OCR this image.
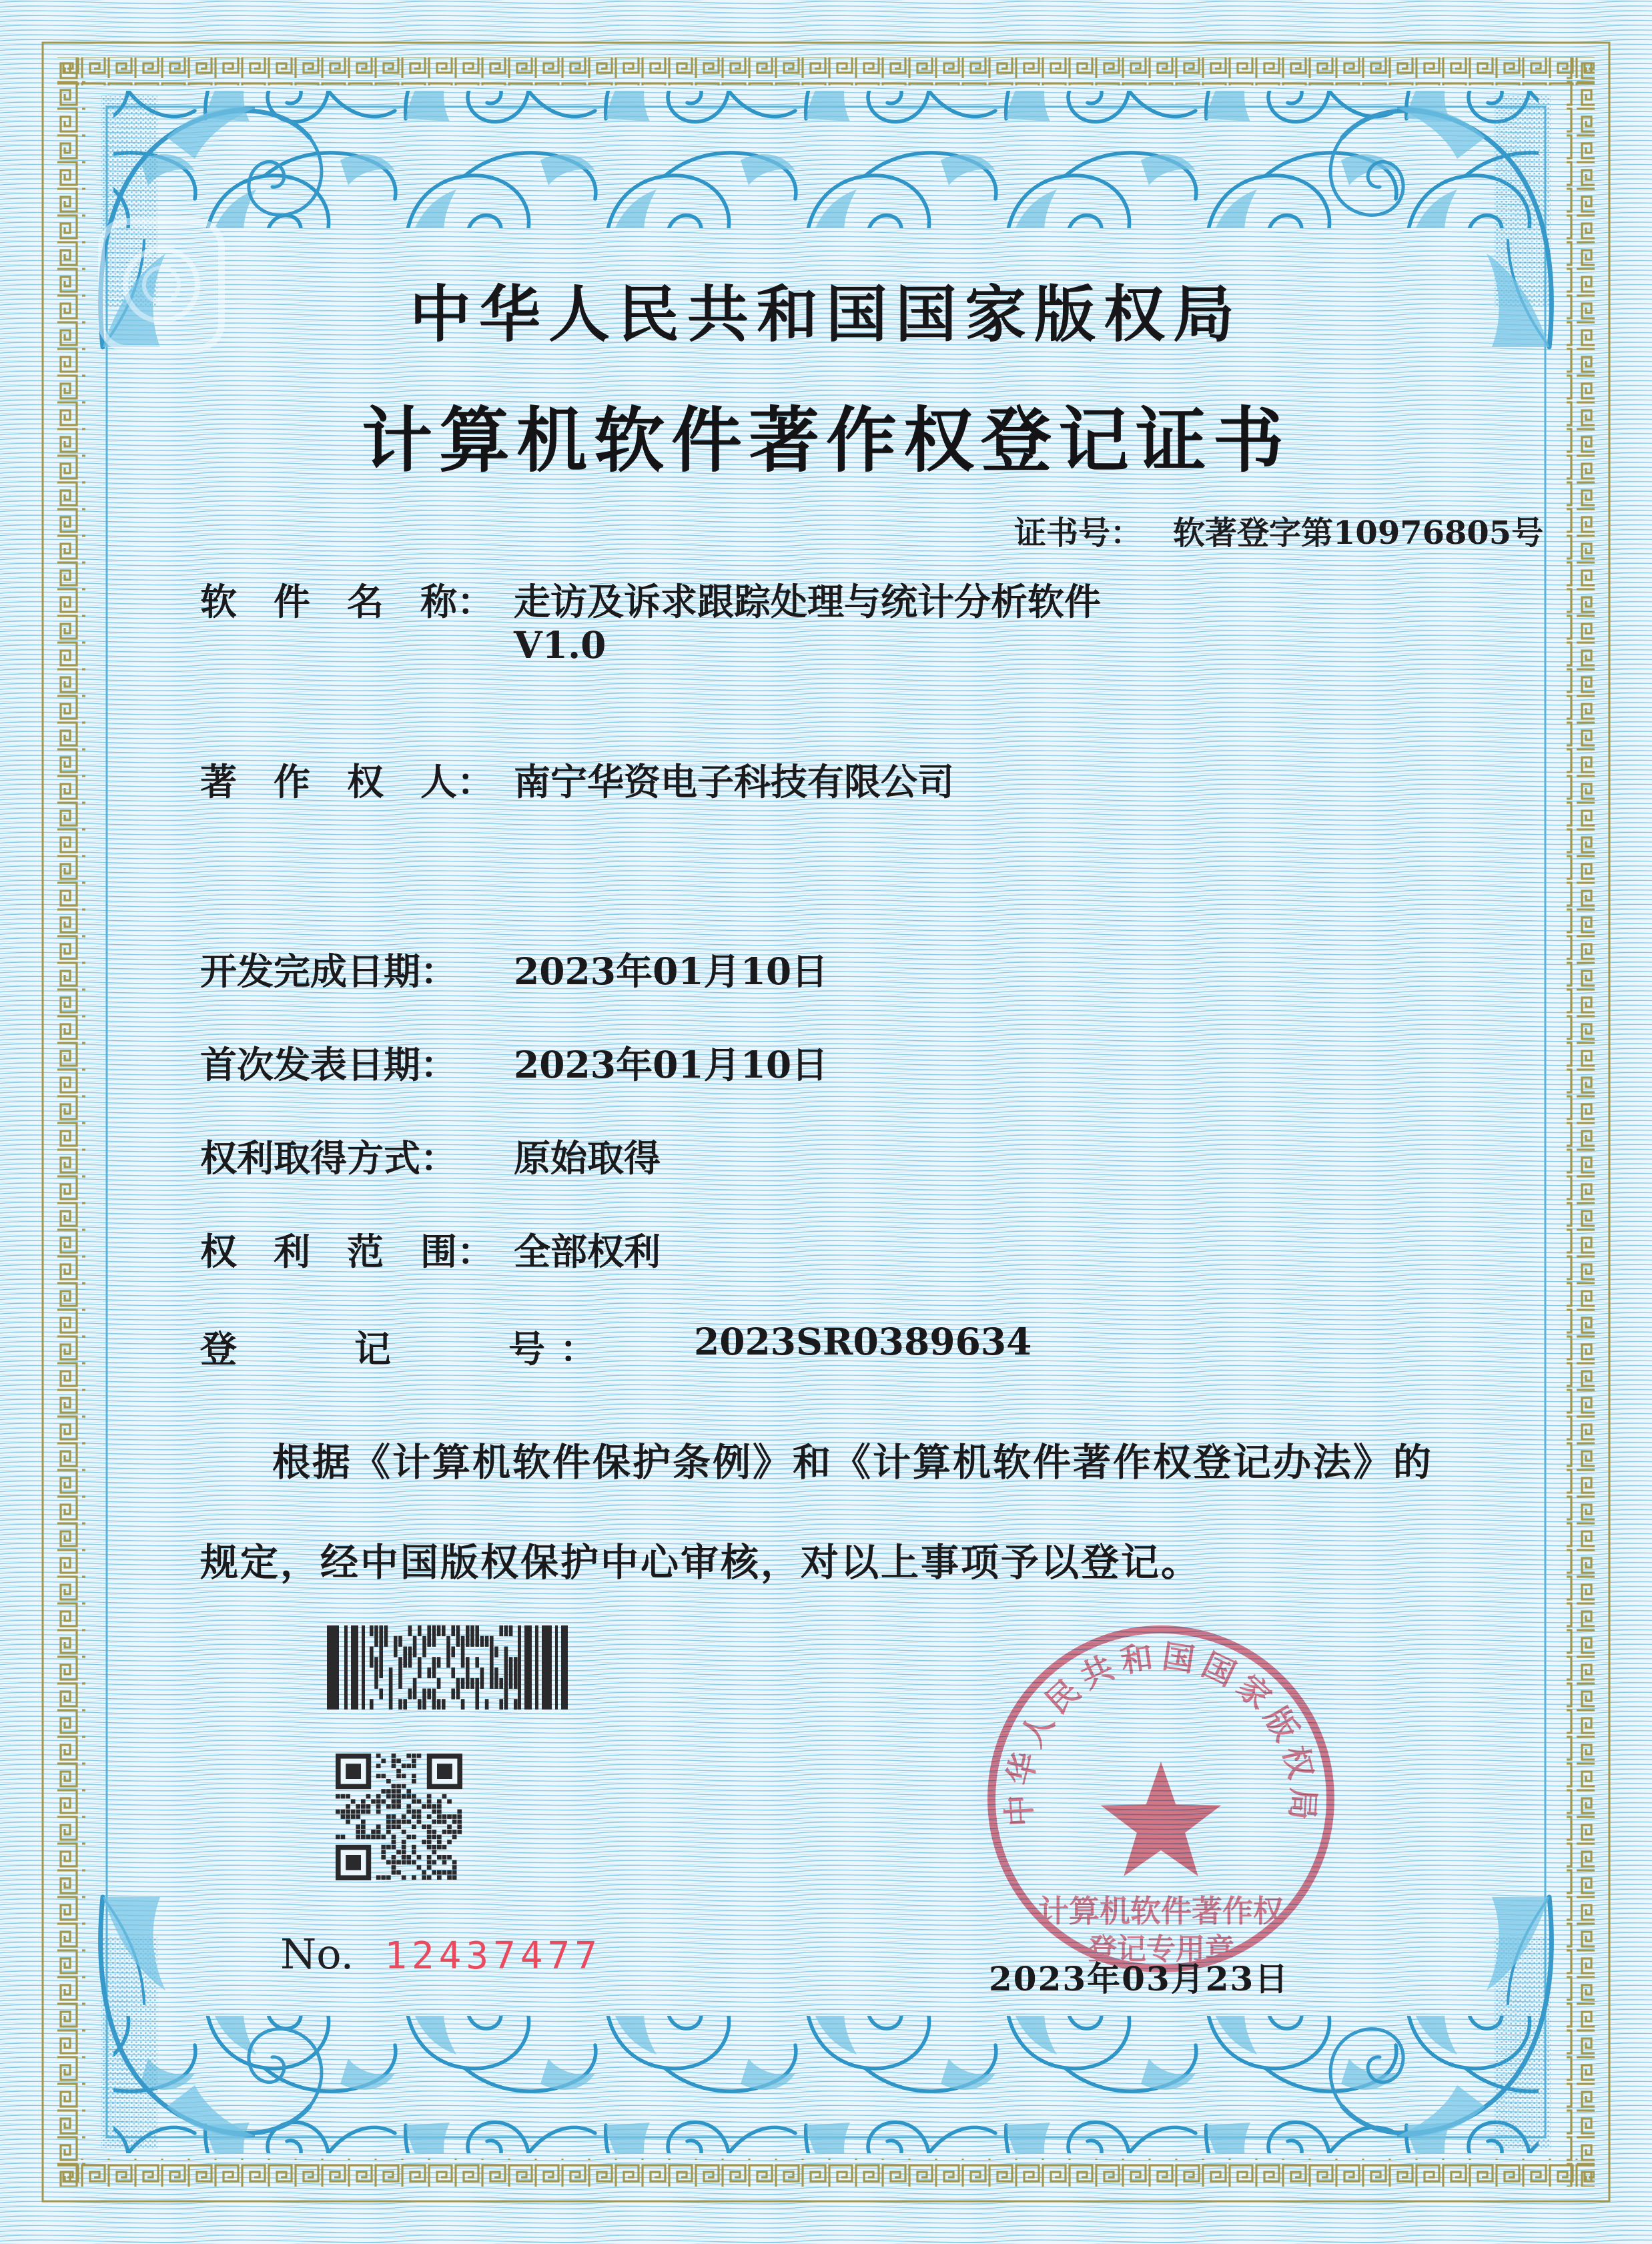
中华人民共和国国家版权局
计算机软件著作权登记证书
证书号： 软著登字第10976805号
软　件　名　称： 走访及诉求跟踪处理与统计分析软件
V1.0
著　作　权　人： 南宁华资电子科技有限公司
开发完成日期： 2023年01月10日
首次发表日期： 2023年01月10日
权利取得方式： 原始取得
权　利　范　围： 全部权利
登　　记　　号： 2023SR0389634
根据《计算机软件保护条例》和《计算机软件著作权登记办法》的
规定，经中国版权保护中心审核，对以上事项予以登记。
No. 12437477
中华人民共和国国家版权局
计算机软件著作权
登记专用章
2023年03月23日
